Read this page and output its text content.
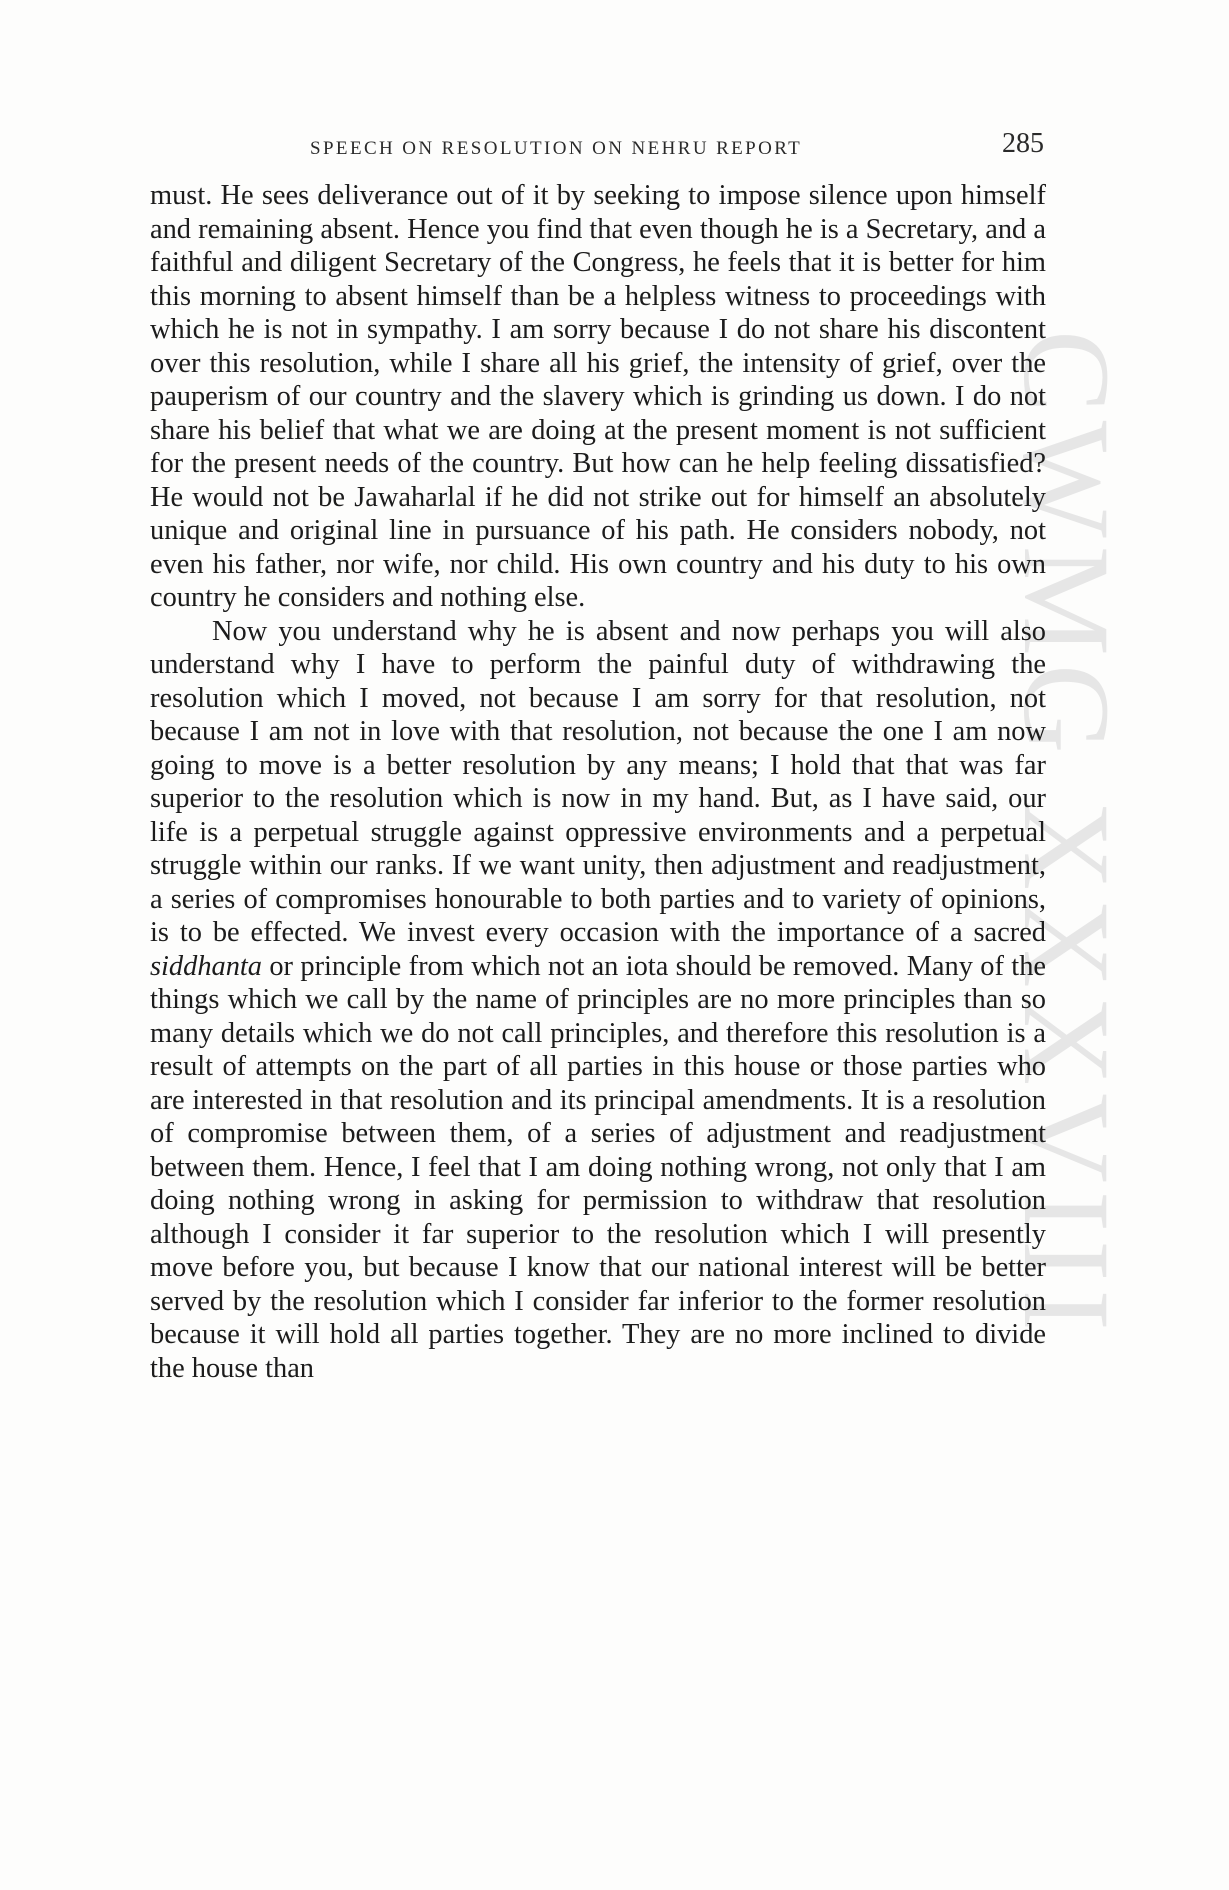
CWMG XXXVIII
SPEECH ON RESOLUTION ON NEHRU REPORT	285

must. He sees deliverance out of it by seeking to impose silence upon himself and remaining absent. Hence you find that even though he is a Secretary, and a faithful and diligent Secretary of the Congress, he feels that it is better for him this morning to absent himself than be a helpless witness to proceedings with which he is not in sympathy. I am sorry because I do not share his discontent over this resolution, while I share all his grief, the intensity of grief, over the pauperism of our country and the slavery which is grinding us down. I do not share his belief that what we are doing at the present moment is not sufficient for the present needs of the country. But how can he help feeling dissatisfied? He would not be Jawaharlal if he did not strike out for himself an absolutely unique and original line in pursuance of his path. He considers nobody, not even his father, nor wife, nor child. His own country and his duty to his own country he considers and nothing else.

Now you understand why he is absent and now perhaps you will also understand why I have to perform the painful duty of withdrawing the resolution which I moved, not because I am sorry for that resolution, not because I am not in love with that resolution, not because the one I am now going to move is a better resolution by any means; I hold that that was far superior to the resolution which is now in my hand. But, as I have said, our life is a perpetual struggle against oppressive environments and a perpetual struggle within our ranks. If we want unity, then adjustment and readjustment, a series of compromises honourable to both parties and to variety of opinions, is to be effected. We invest every occasion with the importance of a sacred siddhanta or principle from which not an iota should be removed. Many of the things which we call by the name of principles are no more principles than so many details which we do not call principles, and therefore this resolution is a result of attempts on the part of all parties in this house or those parties who are interested in that resolution and its principal amendments. It is a resolution of compromise between them, of a series of adjustment and readjustment between them. Hence, I feel that I am doing nothing wrong, not only that I am doing nothing wrong in asking for permission to withdraw that resolution although I consider it far superior to the resolution which I will presently move before you, but because I know that our national interest will be better served by the resolution which I consider far inferior to the former resolution because it will hold all parties together. They are no more inclined to divide the house than
